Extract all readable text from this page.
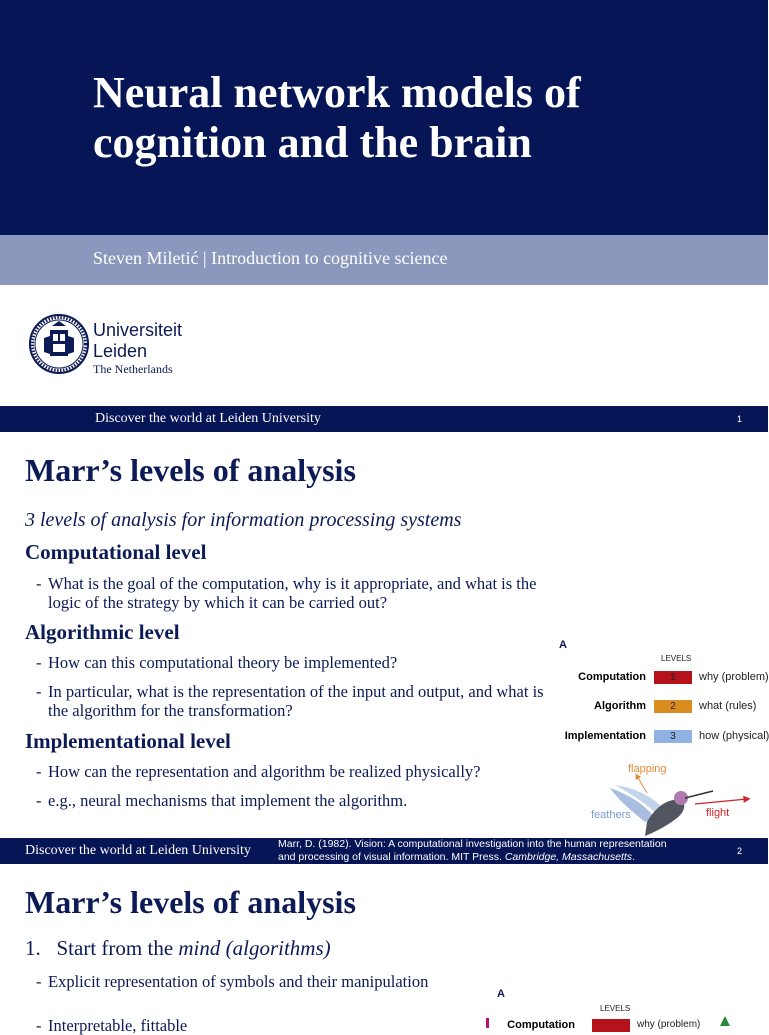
Neural network models of cognition and the brain
Steven Miletić | Introduction to cognitive science
Universiteit
Leiden
The Netherlands
Discover the world at Leiden University	1
Marr’s levels of analysis
3 levels of analysis for information processing systems
Computational level
- What is the goal of the computation, why is it appropriate, and what is the logic of the strategy by which it can be carried out?
Algorithmic level
- How can this computational theory be implemented?
- In particular, what is the representation of the input and output, and what is the algorithm for the transformation?
Implementational level
- How can the representation and algorithm be realized physically?
- e.g., neural mechanisms that implement the algorithm.
A
LEVELS
Computation	1	why (problem)
Algorithm	2	what (rules)
Implementation	3	how (physical)
flapping
feathers	flight
Discover the world at Leiden University	Marr, D. (1982). Vision: A computational investigation into the human representation
and processing of visual information. MIT Press. Cambridge, Massachusetts.	2
Marr’s levels of analysis
1. Start from the mind (algorithms)
- Explicit representation of symbols and their manipulation
- Interpretable, fittable
A
LEVELS
Computation	why (problem)
